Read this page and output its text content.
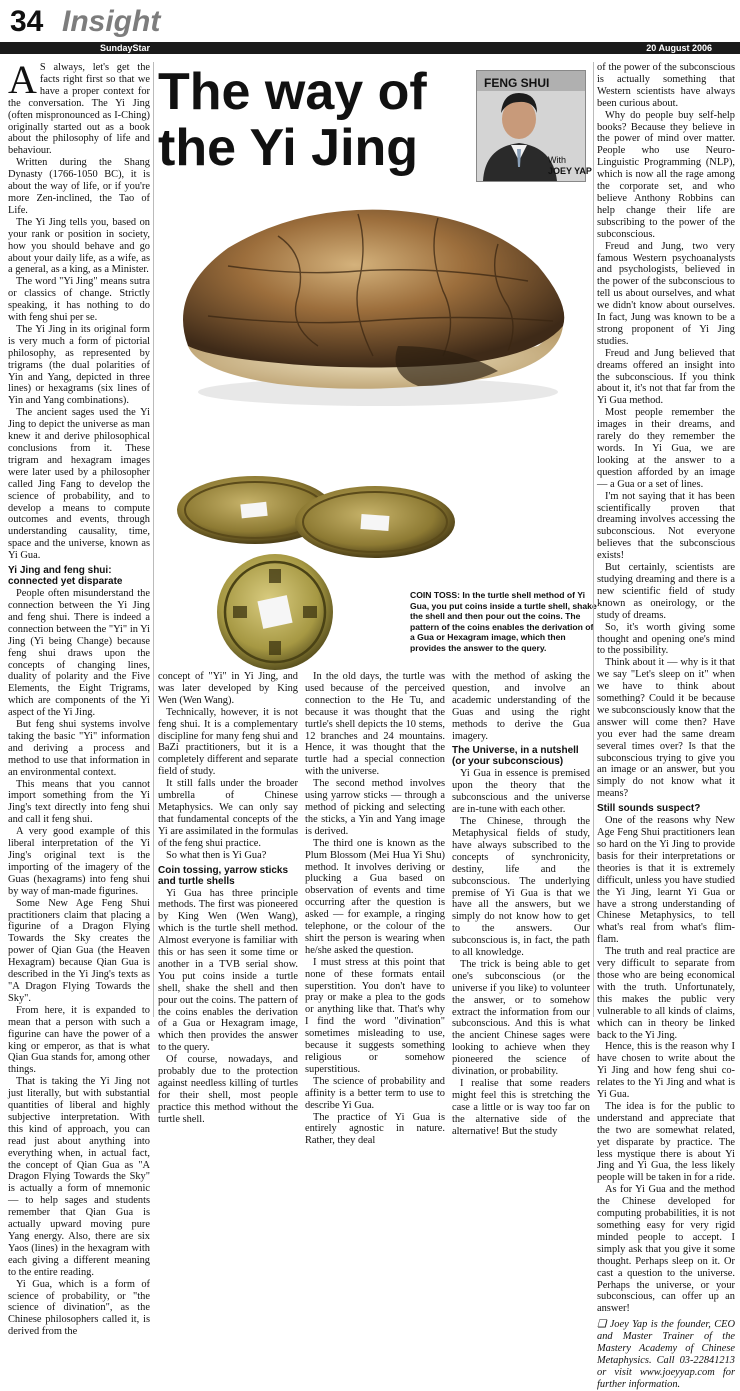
34 Insight
SundayStar	20 August 2006
The way of
the Yi Jing
FENG SHUI
With
JOEY YAP
COIN TOSS: In the turtle shell method of Yi Gua, you put coins inside a turtle shell, shake the shell and then pour out the coins. The pattern of the coins enables the derivation of a Gua or Hexagram image, which then provides the answer to the query.

A S always, let's get the facts right first so that we have a proper context for the conversation. The Yi Jing (often mispronounced as I-Ching) originally started out as a book about the philosophy of life and behaviour.

Written during the Shang Dynasty (1766-1050 BC), it is about the way of life, or if you're more Zen-inclined, the Tao of Life.

The Yi Jing tells you, based on your rank or position in society, how you should behave and go about your daily life, as a wife, as a general, as a king, as a Minister.

The word "Yi Jing" means sutra or classics of change. Strictly speaking, it has nothing to do with feng shui per se.

The Yi Jing in its original form is very much a form of pictorial philosophy, as represented by trigrams (the dual polarities of Yin and Yang, depicted in three lines) or hexagrams (six lines of Yin and Yang combinations).

The ancient sages used the Yi Jing to depict the universe as man knew it and derive philosophical conclusions from it. These trigram and hexagram images were later used by a philosopher called Jing Fang to develop the science of probability, and to develop a means to compute outcomes and events, through understanding causality, time, space and the universe, known as Yi Gua.

Yi Jing and feng shui: connected yet disparate

People often misunderstand the connection between the Yi Jing and feng shui. There is indeed a connection between the "Yi" in Yi Jing (Yi being Change) because feng shui draws upon the concepts of changing lines, duality of polarity and the Five Elements, the Eight Trigrams, which are components of the Yi aspect of the Yi Jing.

But feng shui systems involve taking the basic "Yi" information and deriving a process and method to use that information in an environmental context.

This means that you cannot import something from the Yi Jing's text directly into feng shui and call it feng shui.

A very good example of this liberal interpretation of the Yi Jing's original text is the importing of the imagery of the Guas (hexagrams) into feng shui by way of man-made figurines.

Some New Age Feng Shui practitioners claim that placing a figurine of a Dragon Flying Towards the Sky creates the power of Qian Gua (the Heaven Hexagram) because Qian Gua is described in the Yi Jing's texts as "A Dragon Flying Towards the Sky".

From here, it is expanded to mean that a person with such a figurine can have the power of a king or emperor, as that is what Qian Gua stands for, among other things.

That is taking the Yi Jing not just literally, but with substantial quantities of liberal and highly subjective interpretation. With this kind of approach, you can read just about anything into everything when, in actual fact, the concept of Qian Gua as "A Dragon Flying Towards the Sky" is actually a form of mnemonic — to help sages and students remember that Qian Gua is actually upward moving pure Yang energy. Also, there are six Yaos (lines) in the hexagram with each giving a different meaning to the entire reading.

Yi Gua, which is a form of science of probability, or "the science of divination", as the Chinese philosophers called it, is derived from the

concept of "Yi" in Yi Jing, and was later developed by King Wen (Wen Wang).

Technically, however, it is not feng shui. It is a complementary discipline for many feng shui and BaZi practitioners, but it is a completely different and separate field of study.

It still falls under the broader umbrella of Chinese Metaphysics. We can only say that fundamental concepts of the Yi are assimilated in the formulas of the feng shui practice.

So what then is Yi Gua?

Coin tossing, yarrow sticks and turtle shells

Yi Gua has three principle methods. The first was pioneered by King Wen (Wen Wang), which is the turtle shell method. Almost everyone is familiar with this or has seen it some time or another in a TVB serial show. You put coins inside a turtle shell, shake the shell and then pour out the coins. The pattern of the coins enables the derivation of a Gua or Hexagram image, which then provides the answer to the query.

Of course, nowadays, and probably due to the protection against needless killing of turtles for their shell, most people practice this method without the turtle shell.

In the old days, the turtle was used because of the perceived connection to the He Tu, and because it was thought that the turtle's shell depicts the 10 stems, 12 branches and 24 mountains. Hence, it was thought that the turtle had a special connection with the universe.

The second method involves using yarrow sticks — through a method of picking and selecting the sticks, a Yin and Yang image is derived.

The third one is known as the Plum Blossom (Mei Hua Yi Shu) method. It involves deriving or plucking a Gua based on observation of events and time occurring after the question is asked — for example, a ringing telephone, or the colour of the shirt the person is wearing when he/she asked the question.

I must stress at this point that none of these formats entail superstition. You don't have to pray or make a plea to the gods or anything like that. That's why I find the word "divination" sometimes misleading to use, because it suggests something religious or somehow superstitious.

The science of probability and affinity is a better term to use to describe Yi Gua.

The practice of Yi Gua is entirely agnostic in nature. Rather, they deal

with the method of asking the question, and involve an academic understanding of the Guas and using the right methods to derive the Gua imagery.

The Universe, in a nutshell (or your subconscious)

Yi Gua in essence is premised upon the theory that the subconscious and the universe are in-tune with each other.

The Chinese, through the Metaphysical fields of study, have always subscribed to the concepts of synchronicity, destiny, life and the subconscious. The underlying premise of Yi Gua is that we have all the answers, but we simply do not know how to get to the answers. Our subconscious is, in fact, the path to all knowledge.

The trick is being able to get one's subconscious (or the universe if you like) to volunteer the answer, or to somehow extract the information from our subconscious. And this is what the ancient Chinese sages were looking to achieve when they pioneered the science of divination, or probability.

I realise that some readers might feel this is stretching the case a little or is way too far on the alternative side of the alternative! But the study

of the power of the subconscious is actually something that Western scientists have always been curious about.

Why do people buy self-help books? Because they believe in the power of mind over matter. People who use Neuro-Linguistic Programming (NLP), which is now all the rage among the corporate set, and who believe Anthony Robbins can help change their life are subscribing to the power of the subconscious.

Freud and Jung, two very famous Western psychoanalysts and psychologists, believed in the power of the subconscious to tell us about ourselves, and what we didn't know about ourselves. In fact, Jung was known to be a strong proponent of Yi Jing studies.

Freud and Jung believed that dreams offered an insight into the subconscious. If you think about it, it's not that far from the Yi Gua method.

Most people remember the images in their dreams, and rarely do they remember the words. In Yi Gua, we are looking at the answer to a question afforded by an image — a Gua or a set of lines.

I'm not saying that it has been scientifically proven that dreaming involves accessing the subconscious. Not everyone believes that the subconscious exists!

But certainly, scientists are studying dreaming and there is a new scientific field of study known as oneirology, or the study of dreams.

So, it's worth giving some thought and opening one's mind to the possibility.

Think about it — why is it that we say "Let's sleep on it" when we have to think about something? Could it be because we subconsciously know that the answer will come then? Have you ever had the same dream several times over? Is that the subconscious trying to give you an image or an answer, but you simply do not know what it means?

Still sounds suspect?

One of the reasons why New Age Feng Shui practitioners lean so hard on the Yi Jing to provide basis for their interpretations or theories is that it is extremely difficult, unless you have studied the Yi Jing, learnt Yi Gua or have a strong understanding of Chinese Metaphysics, to tell what's real from what's flim-flam.

The truth and real practice are very difficult to separate from those who are being economical with the truth. Unfortunately, this makes the public very vulnerable to all kinds of claims, which can in theory be linked back to the Yi Jing.

Hence, this is the reason why I have chosen to write about the Yi Jing and how feng shui co-relates to the Yi Jing and what is Yi Gua.

The idea is for the public to understand and appreciate that the two are somewhat related, yet disparate by practice. The less mystique there is about Yi Jing and Yi Gua, the less likely people will be taken in for a ride.

As for Yi Gua and the method the Chinese developed for computing probabilities, it is not something easy for very rigid minded people to accept. I simply ask that you give it some thought. Perhaps sleep on it. Or cast a question to the universe. Perhaps the universe, or your subconscious, can offer up an answer!

❏ Joey Yap is the founder, CEO and Master Trainer of the Mastery Academy of Chinese Metaphysics. Call 03-22841213 or visit www.joeyyap.com for further information.
